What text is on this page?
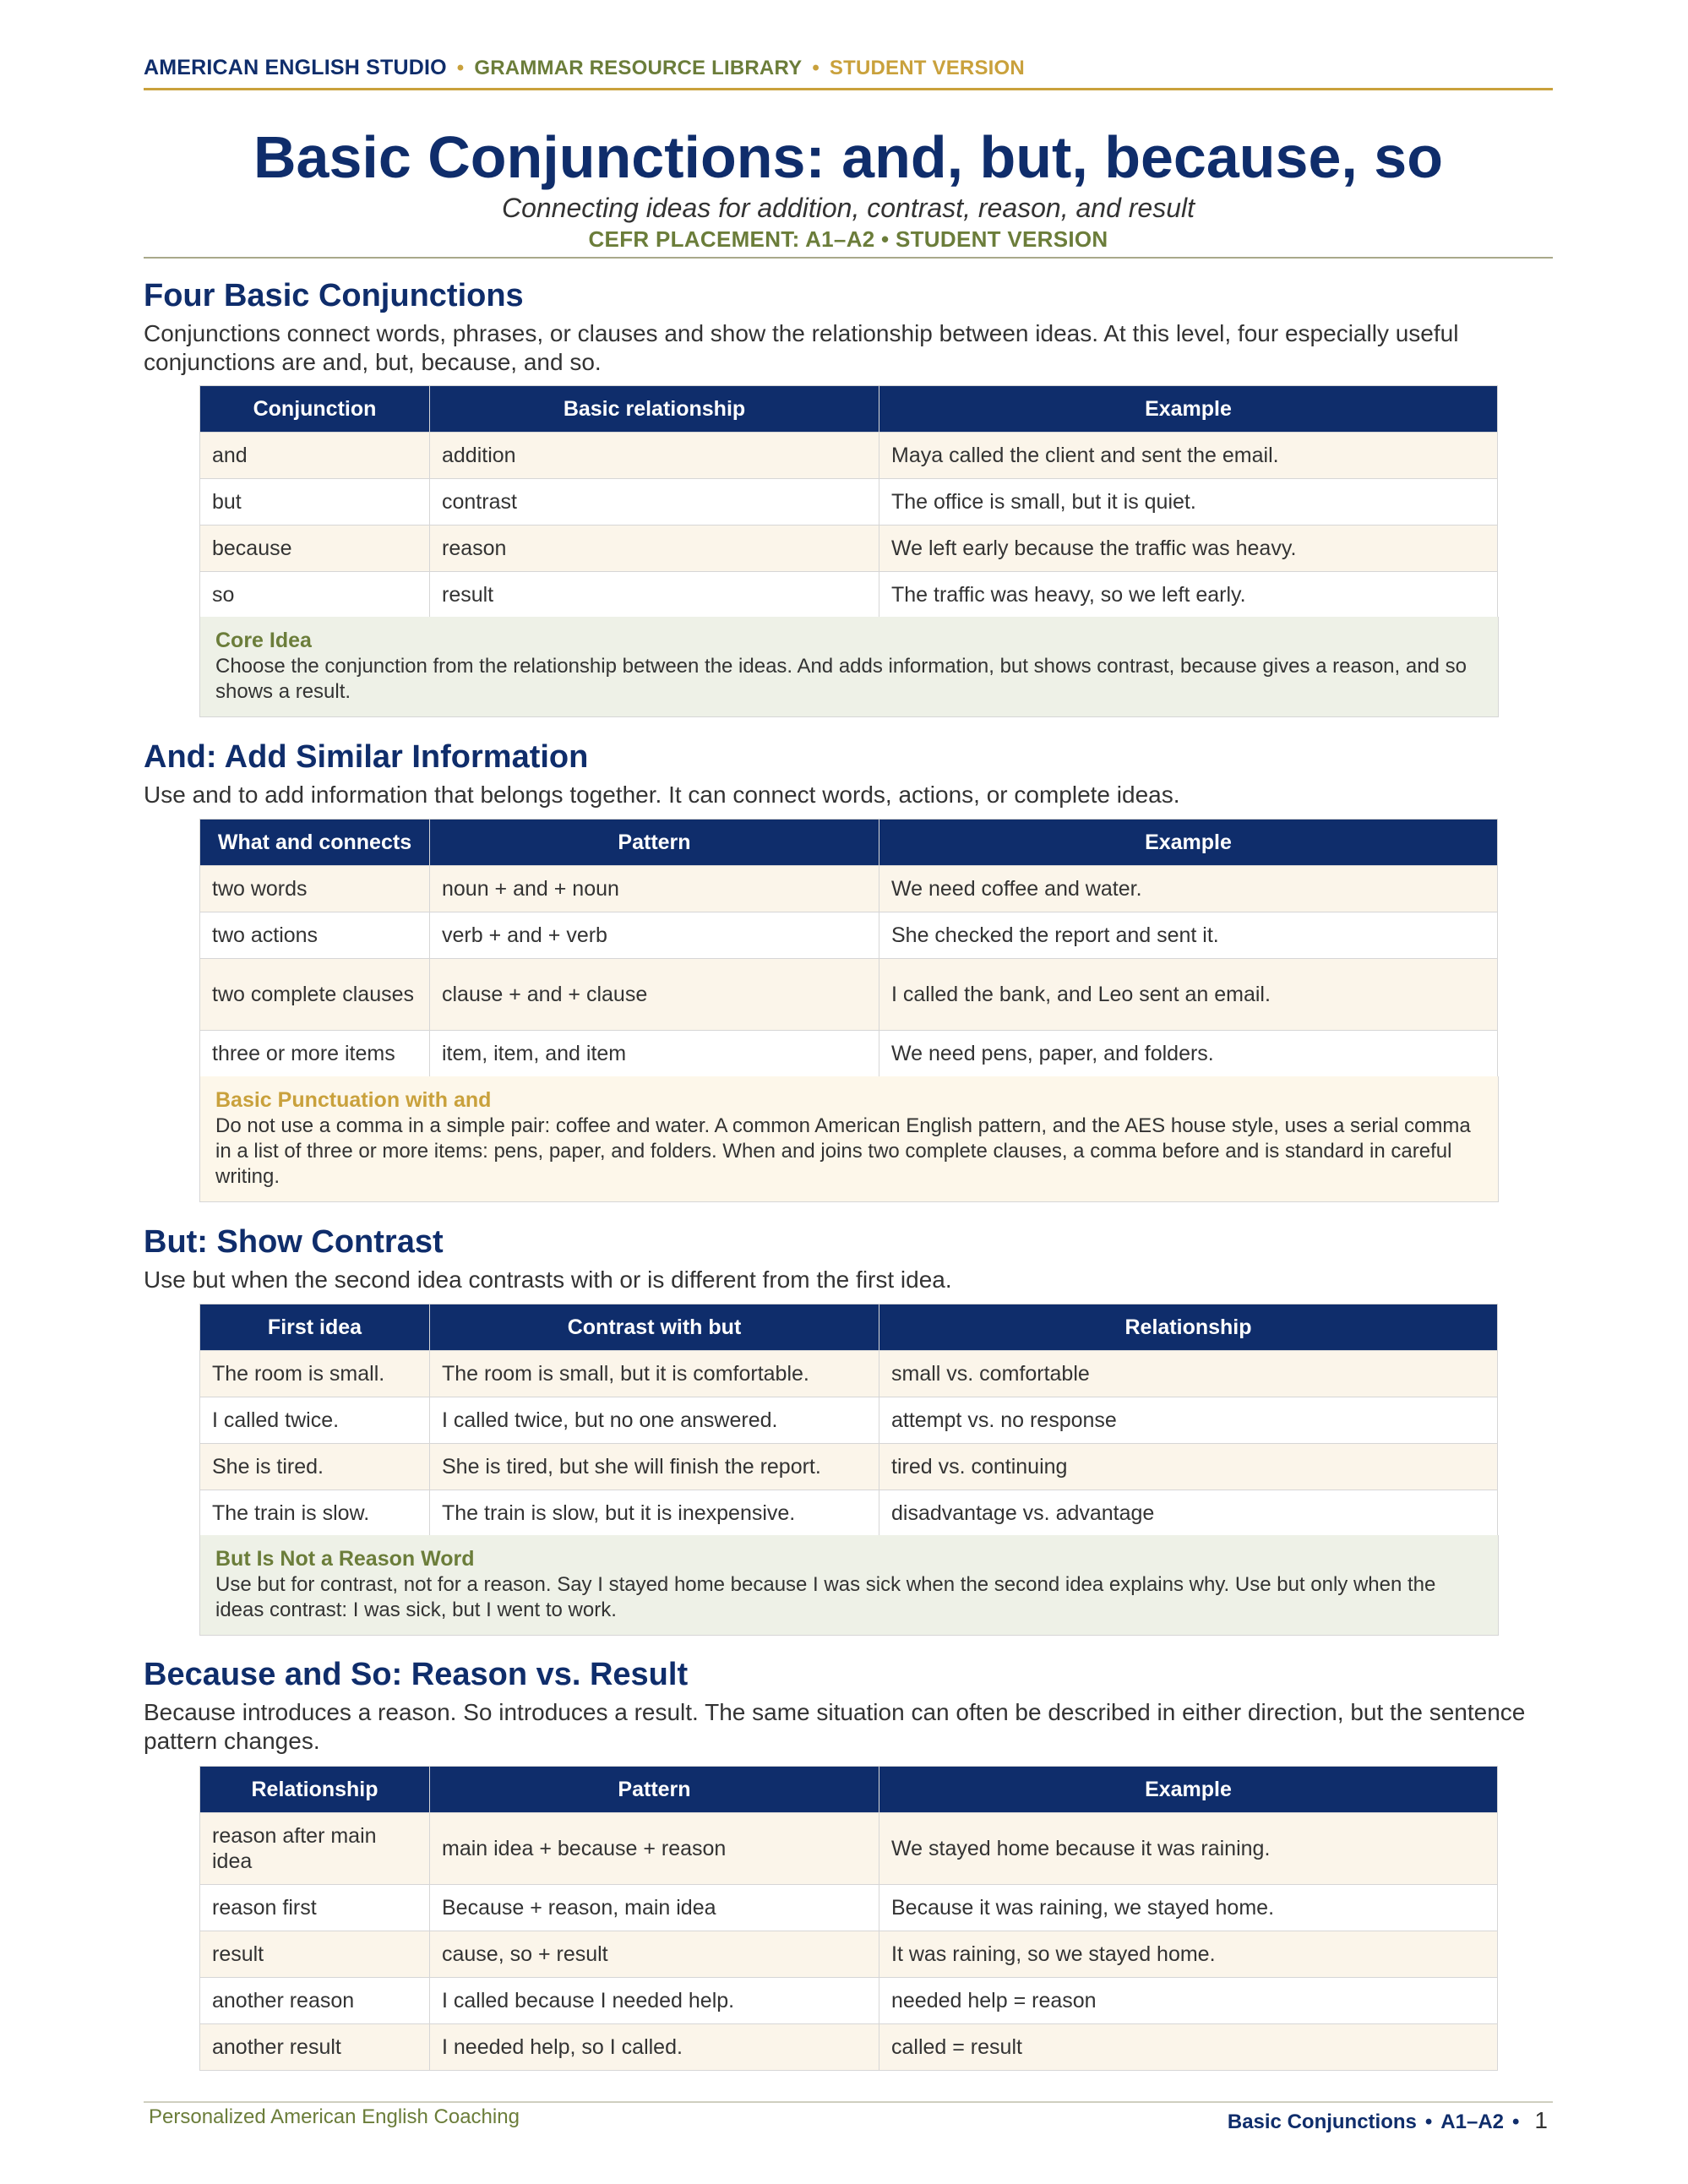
AMERICAN ENGLISH STUDIO • GRAMMAR RESOURCE LIBRARY • STUDENT VERSION
Basic Conjunctions: and, but, because, so
Connecting ideas for addition, contrast, reason, and result
CEFR PLACEMENT: A1–A2 • STUDENT VERSION
Four Basic Conjunctions

Conjunctions connect words, phrases, or clauses and show the relationship between ideas. At this level, four especially useful conjunctions are and, but, because, and so.

Conjunction	Basic relationship	Example
and	addition	Maya called the client and sent the email.
but	contrast	The office is small, but it is quiet.
because	reason	We left early because the traffic was heavy.
so	result	The traffic was heavy, so we left early.
Core Idea
Choose the conjunction from the relationship between the ideas. And adds information, but shows contrast, because gives a reason, and so shows a result.
And: Add Similar Information

Use and to add information that belongs together. It can connect words, actions, or complete ideas.

What and connects	Pattern	Example
two words	noun + and + noun	We need coffee and water.
two actions	verb + and + verb	She checked the report and sent it.
two complete clauses	clause + and + clause	I called the bank, and Leo sent an email.
three or more items	item, item, and item	We need pens, paper, and folders.
Basic Punctuation with and
Do not use a comma in a simple pair: coffee and water. A common American English pattern, and the AES house style, uses a serial comma in a list of three or more items: pens, paper, and folders. When and joins two complete clauses, a comma before and is standard in careful writing.
But: Show Contrast

Use but when the second idea contrasts with or is different from the first idea.

First idea	Contrast with but	Relationship
The room is small.	The room is small, but it is comfortable.	small vs. comfortable
I called twice.	I called twice, but no one answered.	attempt vs. no response
She is tired.	She is tired, but she will finish the report.	tired vs. continuing
The train is slow.	The train is slow, but it is inexpensive.	disadvantage vs. advantage
But Is Not a Reason Word
Use but for contrast, not for a reason. Say I stayed home because I was sick when the second idea explains why. Use but only when the ideas contrast: I was sick, but I went to work.
Because and So: Reason vs. Result

Because introduces a reason. So introduces a result. The same situation can often be described in either direction, but the sentence pattern changes.

Relationship	Pattern	Example
reason after main idea	main idea + because + reason	We stayed home because it was raining.
reason first	Because + reason, main idea	Because it was raining, we stayed home.
result	cause, so + result	It was raining, so we stayed home.
another reason	I called because I needed help.	needed help = reason
another result	I needed help, so I called.	called = result
Personalized American English Coaching	Basic Conjunctions • A1–A2 • 1
